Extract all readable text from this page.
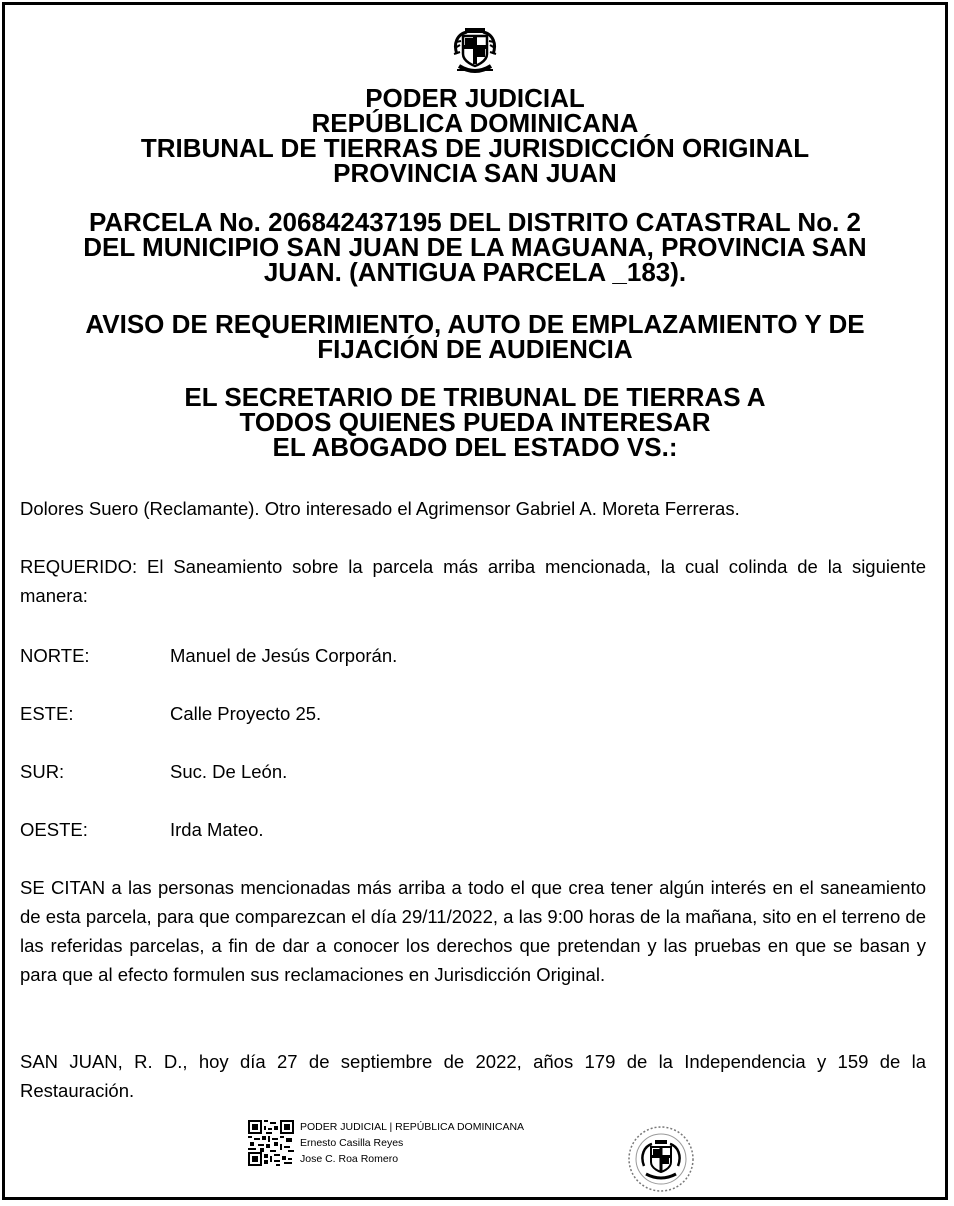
PODER JUDICIAL
REPÚBLICA DOMINICANA
TRIBUNAL DE TIERRAS DE JURISDICCIÓN ORIGINAL
PROVINCIA SAN JUAN
PARCELA No. 206842437195 DEL DISTRITO CATASTRAL No. 2
DEL MUNICIPIO SAN JUAN DE LA MAGUANA, PROVINCIA SAN
JUAN. (ANTIGUA PARCELA _183).
AVISO DE REQUERIMIENTO, AUTO DE EMPLAZAMIENTO Y DE
FIJACIÓN DE AUDIENCIA
EL SECRETARIO DE TRIBUNAL DE TIERRAS A
TODOS QUIENES PUEDA INTERESAR
EL ABOGADO DEL ESTADO VS.:
Dolores Suero (Reclamante). Otro interesado el Agrimensor Gabriel A. Moreta Ferreras.
REQUERIDO: El Saneamiento sobre la parcela más arriba mencionada, la cual colinda de la siguiente manera:
NORTE:	Manuel de Jesús Corporán.
ESTE:	Calle Proyecto 25.
SUR:	Suc. De León.
OESTE:	Irda Mateo.
SE CITAN a las personas mencionadas más arriba a todo el que crea tener algún interés en el saneamiento de esta parcela, para que comparezcan el día 29/11/2022, a las 9:00 horas de la mañana, sito en el terreno de las referidas parcelas, a fin de dar a conocer los derechos que pretendan y las pruebas en que se basan y para que al efecto formulen sus reclamaciones en Jurisdicción Original.
SAN JUAN, R. D., hoy día 27 de septiembre de 2022, años 179 de la Independencia y 159 de la Restauración.
PODER JUDICIAL | REPÚBLICA DOMINICANA
Ernesto Casilla Reyes
Jose C. Roa Romero
